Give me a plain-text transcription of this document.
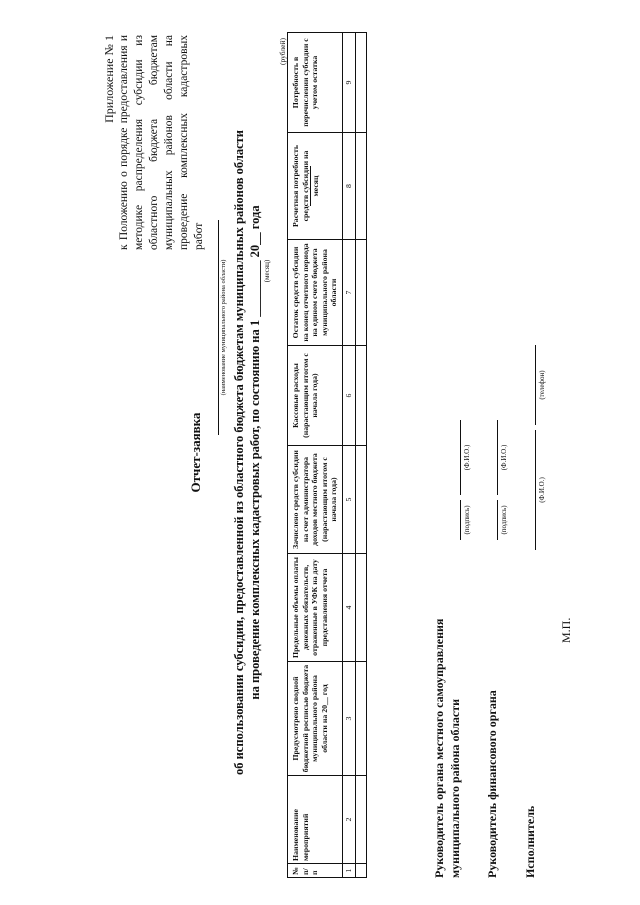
Приложение № 1 к Положению о порядке предоставления и методике распределения субсидии из областного бюджета бюджетам муниципальных районов области на проведение комплексных кадастровых работ
Отчет-заявка
(наименование муниципального района области) об использовании субсидии, предоставленной из областного бюджета бюджетам муниципальных районов области на проведение комплексных кадастровых работ, по состоянию на 1 _________ 20__ года (месяц)
(рублей)
№ п/п	Наименование мероприятий	Предусмотрено сводной бюджетной росписью бюджета муниципального района области на 20__ год	Предельные объемы оплаты денежных обязательств, отраженные в УФК на дату представления отчета	Зачислено средств субсидии на счет администратора доходов местного бюджета (нарастающим итогом с начала года)	Кассовые расходы (нарастающим итогом с начала года)	Остаток средств субсидии на конец отчетного периода на едином счете бюджета муниципального района области	Расчетная потребность средств субсидии на месяц	Потребность в перечислении субсидии с учетом остатка
1	2	3	4	5	6	7	8	9

Руководитель органа местного самоуправления муниципального района области
(подпись)
(Ф.И.О.)
Руководитель финансового органа
(подпись)
(Ф.И.О.)
Исполнитель
(Ф.И.О.)
(телефон)
М.П.
